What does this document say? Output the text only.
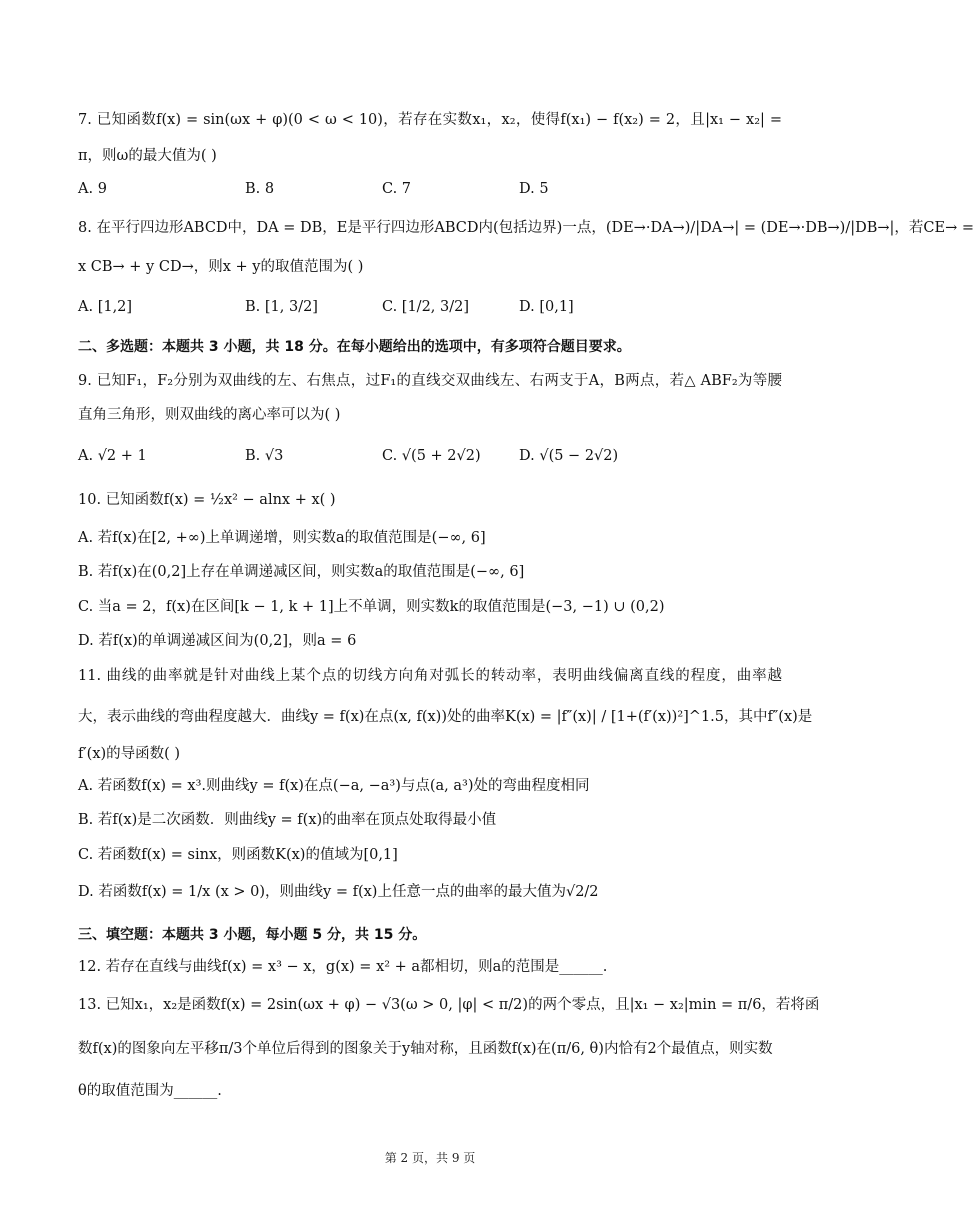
7. 已知函数f(x) = sin(ωx + φ)(0 < ω < 10)，若存在实数x₁，x₂，使得f(x₁) − f(x₂) = 2，且|x₁ − x₂| =
π，则ω的最大值为( )
A. 9	B. 8	C. 7	D. 5
8. 在平行四边形ABCD中，DA = DB，E是平行四边形ABCD内(包括边界)一点，(DE→·DA→)/|DA→| = (DE→·DB→)/|DB→|，若CE→ =
x CB→ + y CD→，则x + y的取值范围为( )
A. [1,2]	B. [1, 3/2]	C. [1/2, 3/2]	D. [0,1]
二、多选题：本题共 3 小题，共 18 分。在每小题给出的选项中，有多项符合题目要求。
9. 已知F₁，F₂分别为双曲线的左、右焦点，过F₁的直线交双曲线左、右两支于A，B两点，若△ ABF₂为等腰
直角三角形，则双曲线的离心率可以为( )
A. √2 + 1	B. √3	C. √(5 + 2√2)	D. √(5 − 2√2)
10. 已知函数f(x) = ½x² − alnx + x( )
A. 若f(x)在[2, +∞)上单调递增，则实数a的取值范围是(−∞, 6]
B. 若f(x)在(0,2]上存在单调递减区间，则实数a的取值范围是(−∞, 6]
C. 当a = 2，f(x)在区间[k − 1, k + 1]上不单调，则实数k的取值范围是(−3, −1) ∪ (0,2)
D. 若f(x)的单调递减区间为(0,2]，则a = 6
11. 曲线的曲率就是针对曲线上某个点的切线方向角对弧长的转动率，表明曲线偏离直线的程度，曲率越
大，表示曲线的弯曲程度越大．曲线y = f(x)在点(x, f(x))处的曲率K(x) = |f″(x)| / [1+(f′(x))²]^1.5，其中f″(x)是
f′(x)的导函数( )
A. 若函数f(x) = x³.则曲线y = f(x)在点(−a, −a³)与点(a, a³)处的弯曲程度相同
B. 若f(x)是二次函数．则曲线y = f(x)的曲率在顶点处取得最小值
C. 若函数f(x) = sinx，则函数K(x)的值域为[0,1]
D. 若函数f(x) = 1/x (x > 0)，则曲线y = f(x)上任意一点的曲率的最大值为√2/2
三、填空题：本题共 3 小题，每小题 5 分，共 15 分。
12. 若存在直线与曲线f(x) = x³ − x，g(x) = x² + a都相切，则a的范围是______.
13. 已知x₁，x₂是函数f(x) = 2sin(ωx + φ) − √3(ω > 0, |φ| < π/2)的两个零点，且|x₁ − x₂|min = π/6，若将函
数f(x)的图象向左平移π/3个单位后得到的图象关于y轴对称，且函数f(x)在(π/6, θ)内恰有2个最值点，则实数
θ的取值范围为______.
第 2 页，共 9 页
